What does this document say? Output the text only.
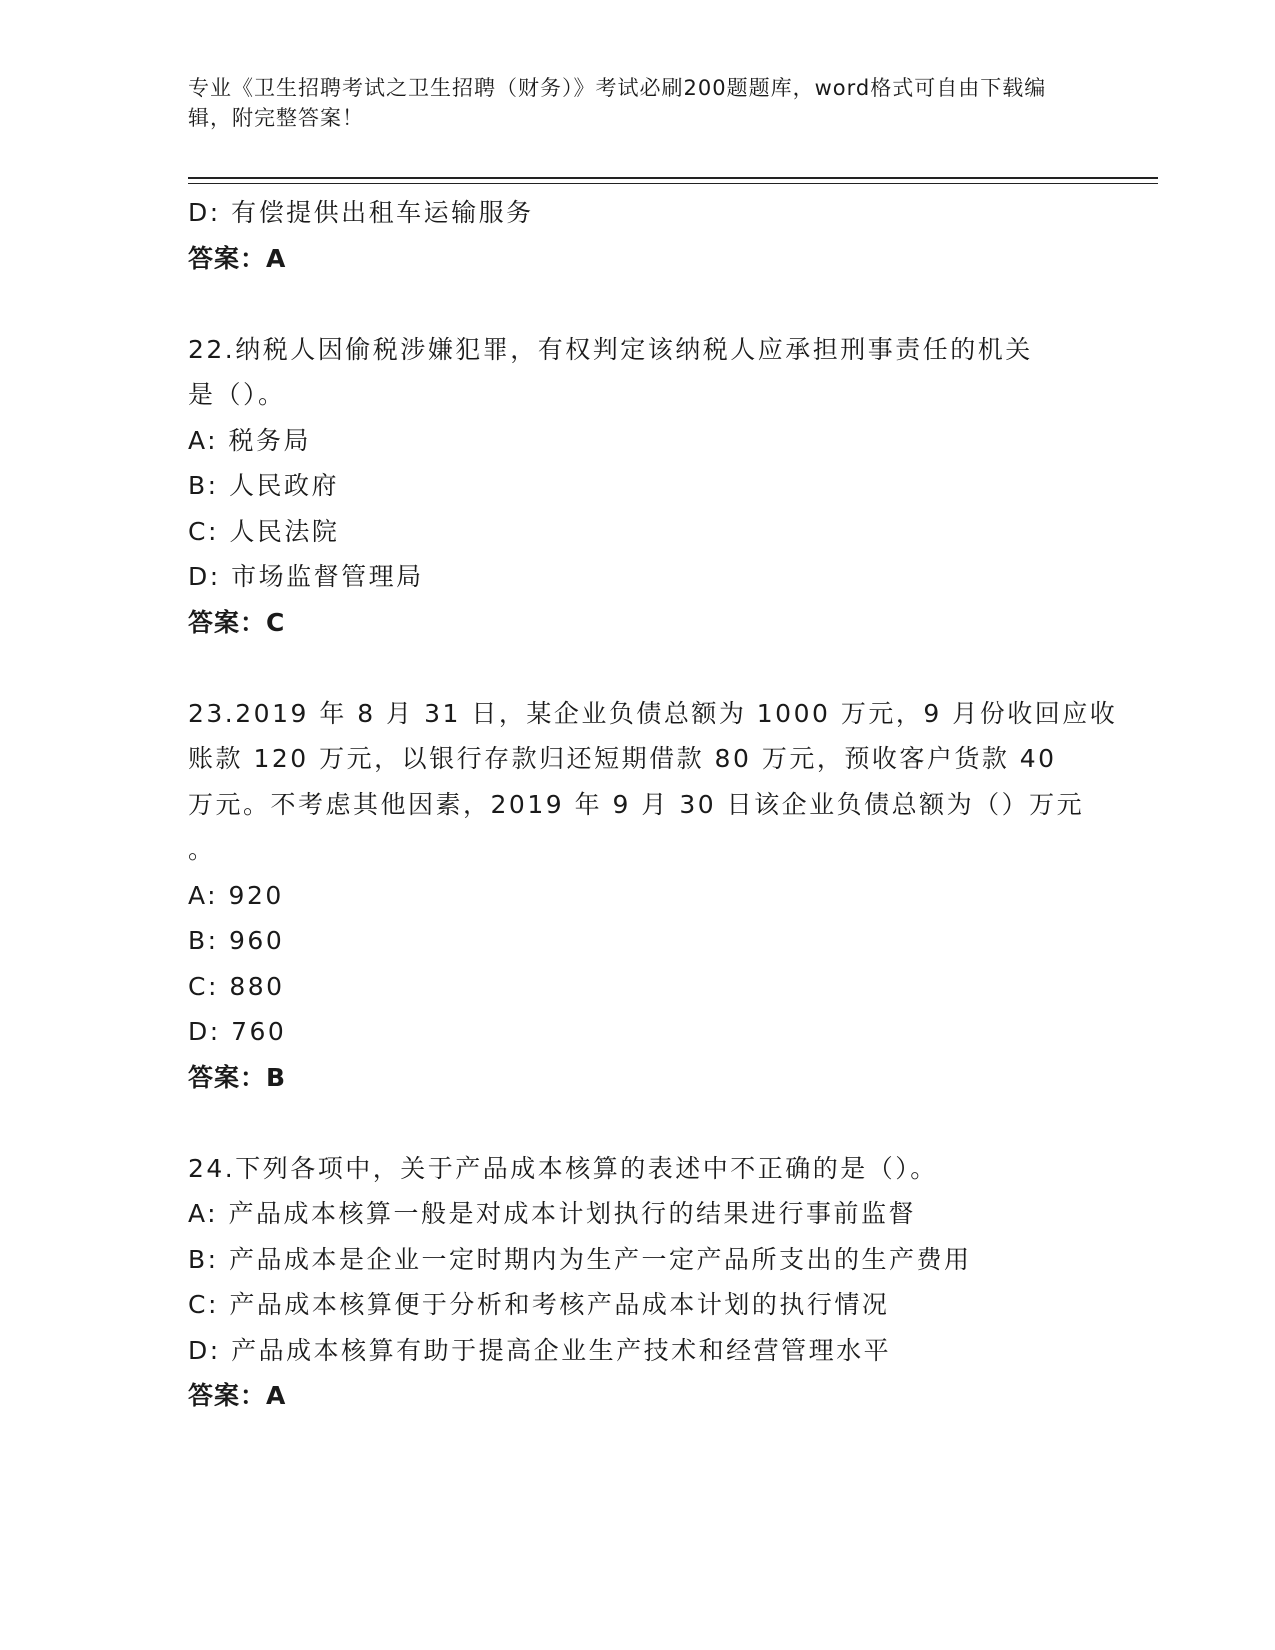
专业《卫生招聘考试之卫生招聘（财务）》考试必刷200题题库，word格式可自由下载编辑，附完整答案！
D: 有偿提供出租车运输服务
答案：A
22.纳税人因偷税涉嫌犯罪，有权判定该纳税人应承担刑事责任的机关
是（）。
A: 税务局
B: 人民政府
C: 人民法院
D: 市场监督管理局
答案：C
23.2019 年 8 月 31 日，某企业负债总额为 1000 万元，9 月份收回应收
账款 120 万元，以银行存款归还短期借款 80 万元，预收客户货款 40
万元。不考虑其他因素，2019 年 9 月 30 日该企业负债总额为（）万元
。
A: 920
B: 960
C: 880
D: 760
答案：B
24.下列各项中，关于产品成本核算的表述中不正确的是（）。
A: 产品成本核算一般是对成本计划执行的结果进行事前监督
B: 产品成本是企业一定时期内为生产一定产品所支出的生产费用
C: 产品成本核算便于分析和考核产品成本计划的执行情况
D: 产品成本核算有助于提高企业生产技术和经营管理水平
答案：A
